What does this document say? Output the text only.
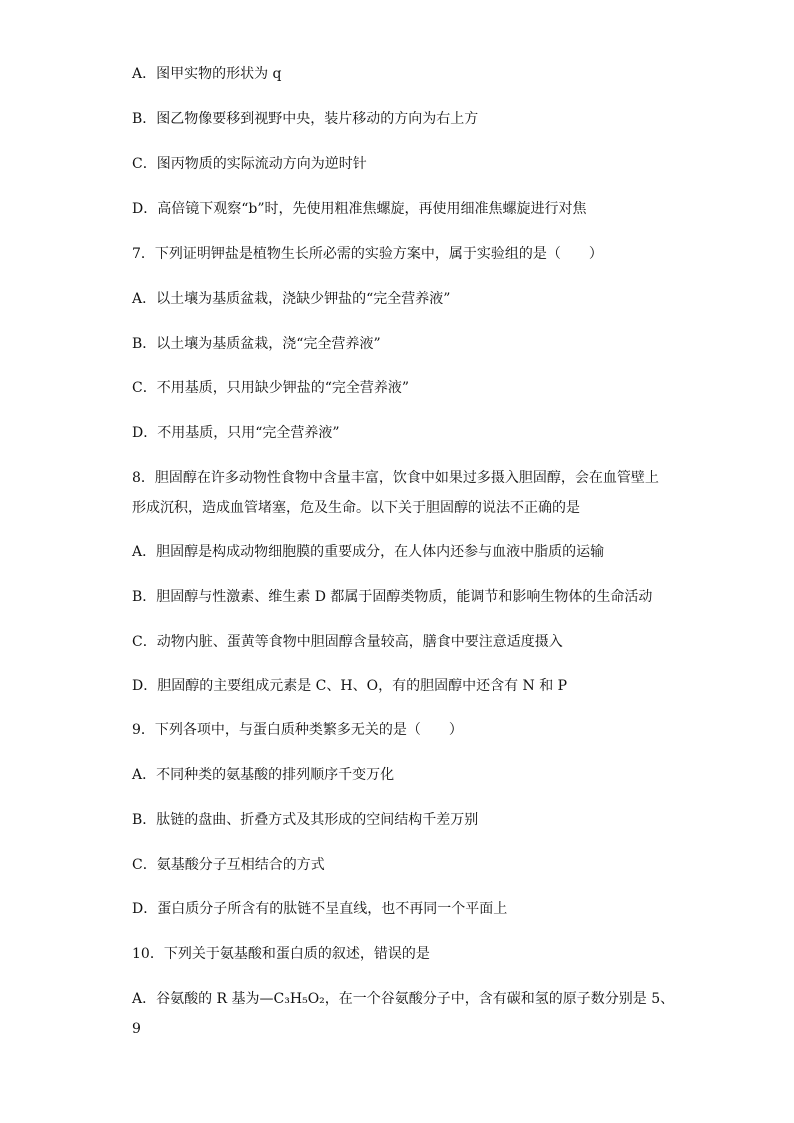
A．图甲实物的形状为 q
B．图乙物像要移到视野中央，装片移动的方向为右上方
C．图丙物质的实际流动方向为逆时针
D．高倍镜下观察“b”时，先使用粗准焦螺旋，再使用细准焦螺旋进行对焦
7．下列证明钾盐是植物生长所必需的实验方案中，属于实验组的是（　　）
A．以土壤为基质盆栽，浇缺少钾盐的“完全营养液”
B．以土壤为基质盆栽，浇“完全营养液”
C．不用基质，只用缺少钾盐的“完全营养液”
D．不用基质，只用“完全营养液”
8．胆固醇在许多动物性食物中含量丰富，饮食中如果过多摄入胆固醇，会在血管壁上
形成沉积，造成血管堵塞，危及生命。以下关于胆固醇的说法不正确的是
A．胆固醇是构成动物细胞膜的重要成分，在人体内还参与血液中脂质的运输
B．胆固醇与性激素、维生素 D 都属于固醇类物质，能调节和影响生物体的生命活动
C．动物内脏、蛋黄等食物中胆固醇含量较高，膳食中要注意适度摄入
D．胆固醇的主要组成元素是 C、H、O，有的胆固醇中还含有 N 和 P
9．下列各项中，与蛋白质种类繁多无关的是（　　）
A．不同种类的氨基酸的排列顺序千变万化
B．肽链的盘曲、折叠方式及其形成的空间结构千差万别
C．氨基酸分子互相结合的方式
D．蛋白质分子所含有的肽链不呈直线，也不再同一个平面上
10．下列关于氨基酸和蛋白质的叙述，错误的是
A．谷氨酸的 R 基为—C₃H₅O₂，在一个谷氨酸分子中，含有碳和氢的原子数分别是 5、
9
